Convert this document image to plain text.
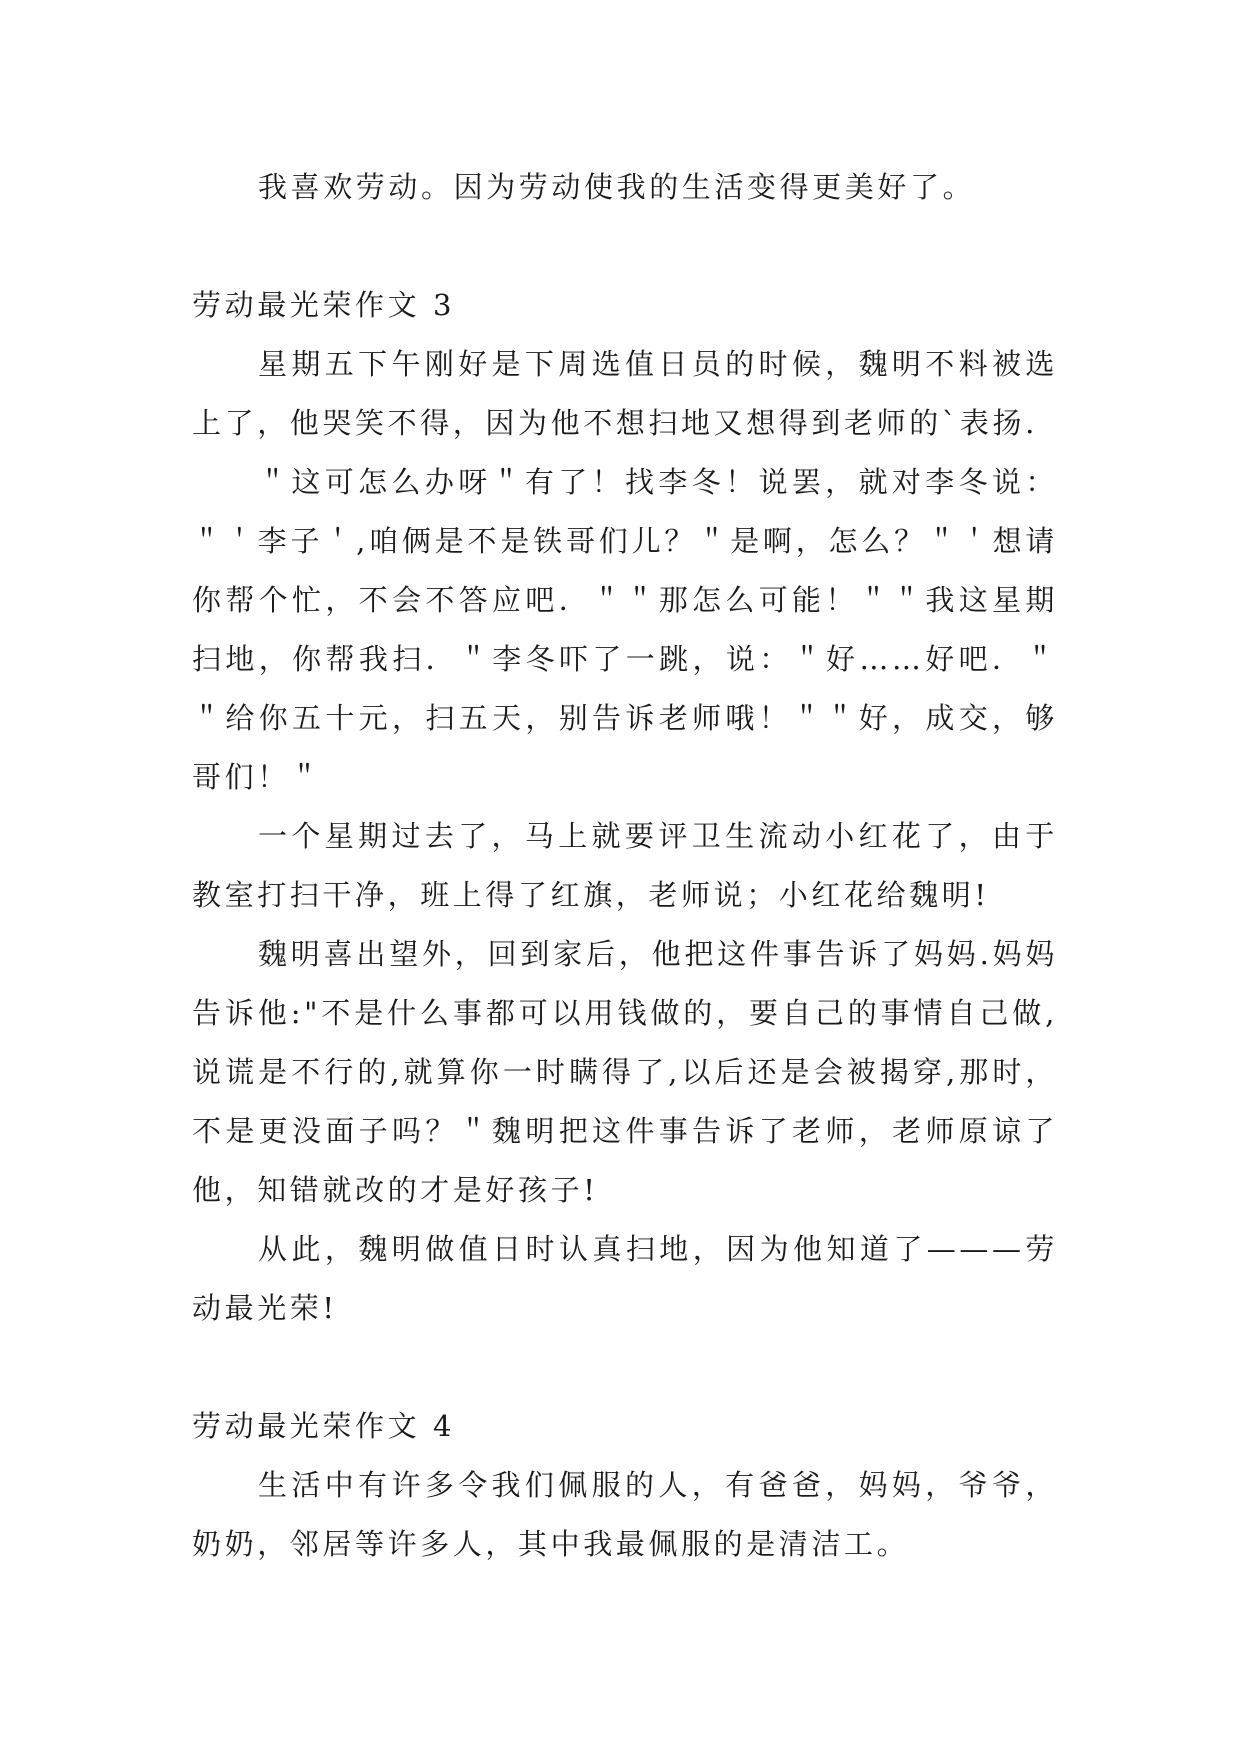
我喜欢劳动。因为劳动使我的生活变得更美好了。

劳动最光荣作文 3

星期五下午刚好是下周选值日员的时候，魏明不料被选上了，他哭笑不得，因为他不想扫地又想得到老师的`表扬.

＂这可怎么办呀＂有了！找李冬！说罢，就对李冬说：＂＇李子＇,咱俩是不是铁哥们儿？＂是啊，怎么？＂＇想请你帮个忙，不会不答应吧．＂＂那怎么可能！＂＂我这星期扫地，你帮我扫．＂李冬吓了一跳，说：＂好……好吧．＂＂给你五十元，扫五天，别告诉老师哦！＂＂好，成交，够哥们！＂

一个星期过去了，马上就要评卫生流动小红花了，由于教室打扫干净，班上得了红旗，老师说；小红花给魏明!

魏明喜出望外，回到家后，他把这件事告诉了妈妈.妈妈告诉他:"不是什么事都可以用钱做的，要自己的事情自己做,说谎是不行的,就算你一时瞒得了,以后还是会被揭穿,那时，不是更没面子吗？＂魏明把这件事告诉了老师，老师原谅了他，知错就改的才是好孩子!

从此，魏明做值日时认真扫地，因为他知道了———劳动最光荣!

劳动最光荣作文 4

生活中有许多令我们佩服的人，有爸爸，妈妈，爷爷，奶奶，邻居等许多人，其中我最佩服的是清洁工。
